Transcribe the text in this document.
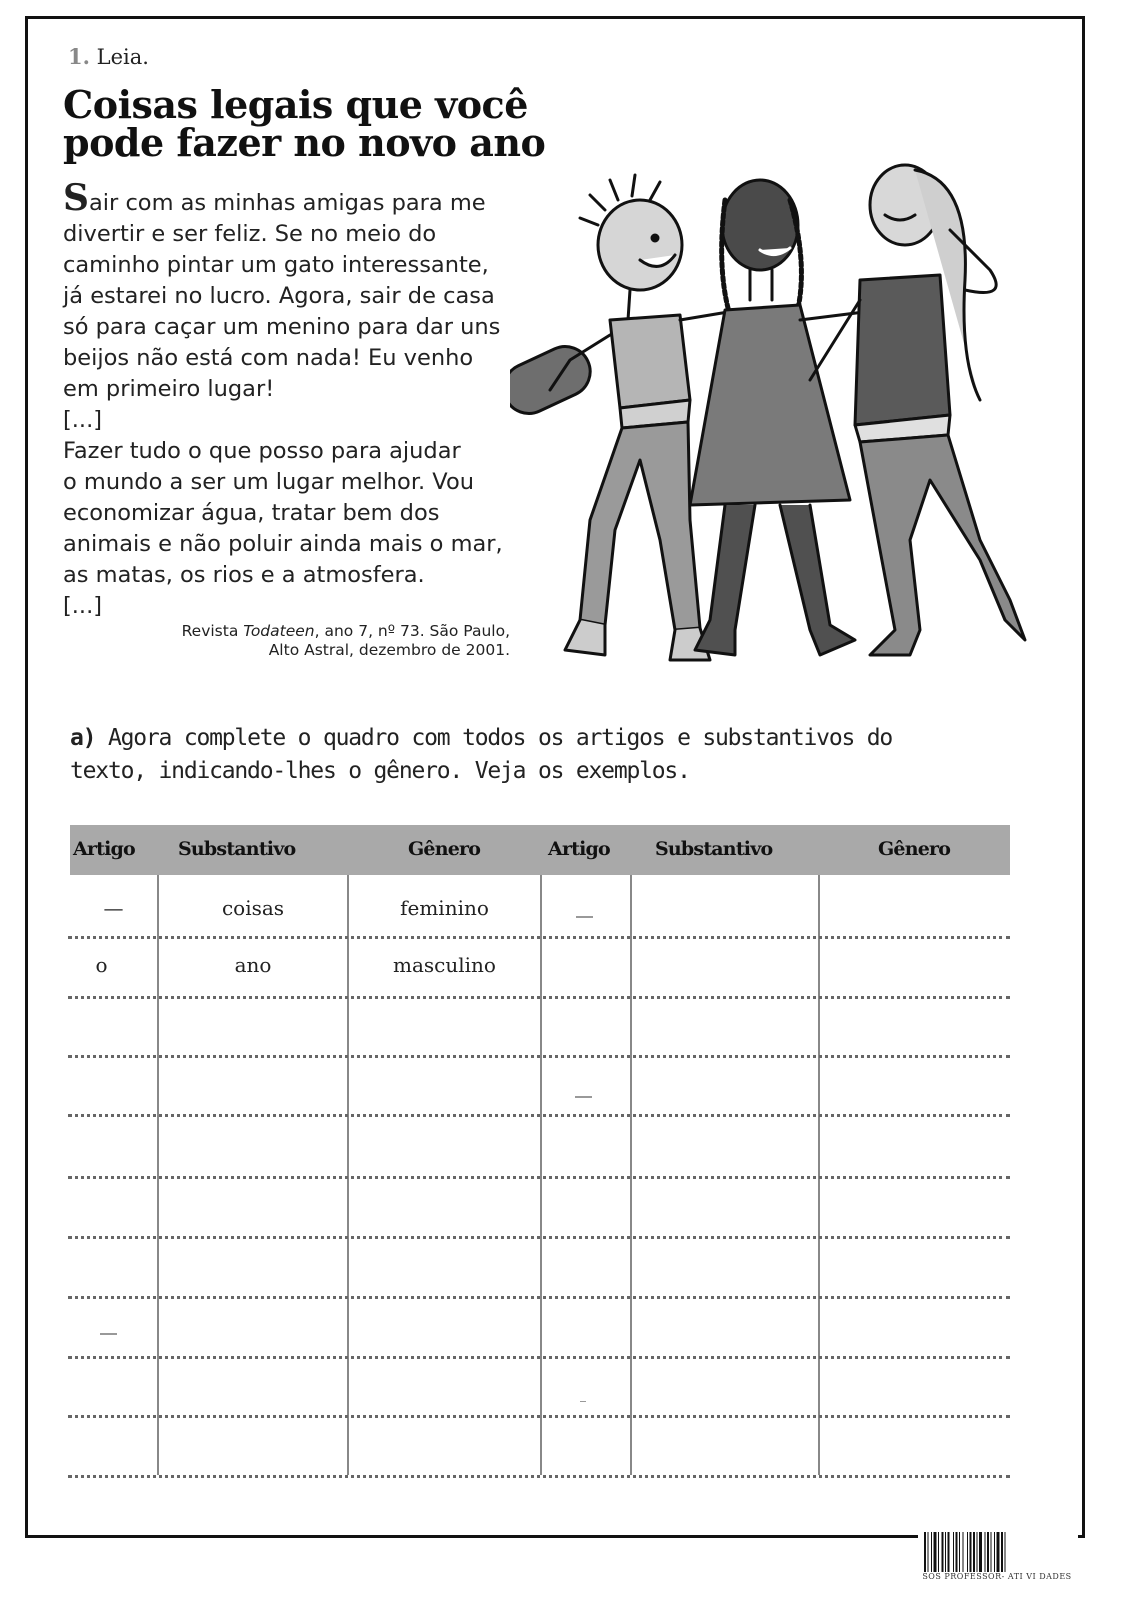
1. Leia.
Coisas legais que você
pode fazer no novo ano

Sair com as minhas amigas para me
divertir e ser feliz. Se no meio do
caminho pintar um gato interessante,
já estarei no lucro. Agora, sair de casa
só para caçar um menino para dar uns
beijos não está com nada! Eu venho
em primeiro lugar!

[...]

Fazer tudo o que posso para ajudar
o mundo a ser um lugar melhor. Vou
economizar água, tratar bem dos
animais e não poluir ainda mais o mar,
as matas, os rios e a atmosfera.

[...]

Revista Todateen, ano 7, nº 73. São Paulo,
Alto Astral, dezembro de 2001.
a) Agora complete o quadro com todos os artigos e substantivos do
texto, indicando-lhes o gênero. Veja os exemplos.
Artigo Substantivo	Gênero	Artigo Substantivo	Gênero
—	coisas	feminino
o	ano	masculino
SOS PROFESSOR- ATI VI DADES
